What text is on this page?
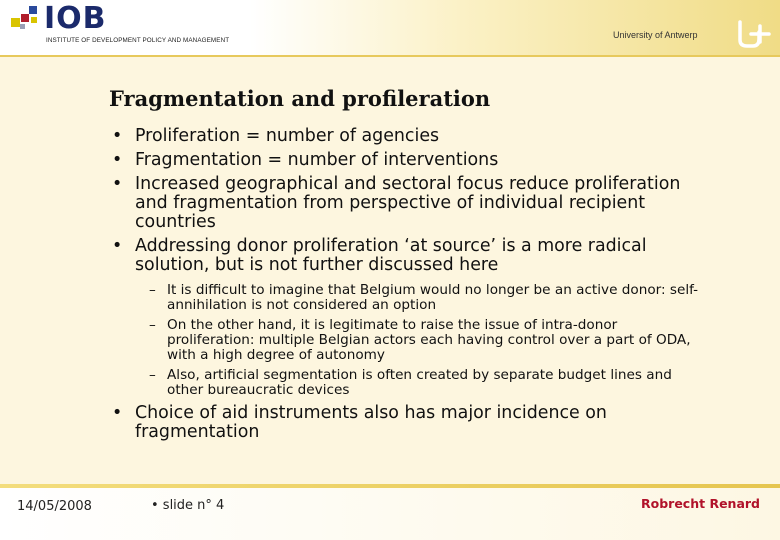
IOB
INSTITUTE OF DEVELOPMENT POLICY AND MANAGEMENT
University of Antwerp
Fragmentation and profileration
• Proliferation = number of agencies
• Fragmentation = number of interventions
• Increased geographical and sectoral focus reduce proliferation and fragmentation from perspective of individual recipient countries
• Addressing donor proliferation ‘at source’ is a more radical solution, but is not further discussed here
– It is difficult to imagine that Belgium would no longer be an active donor: self-annihilation is not considered an option
– On the other hand, it is legitimate to raise the issue of intra-donor proliferation: multiple Belgian actors each having control over a part of ODA, with a high degree of autonomy
– Also, artificial segmentation is often created by separate budget lines and other bureaucratic devices
• Choice of aid instruments also has major incidence on fragmentation
14/05/2008	• slide n° 4	Robrecht Renard
